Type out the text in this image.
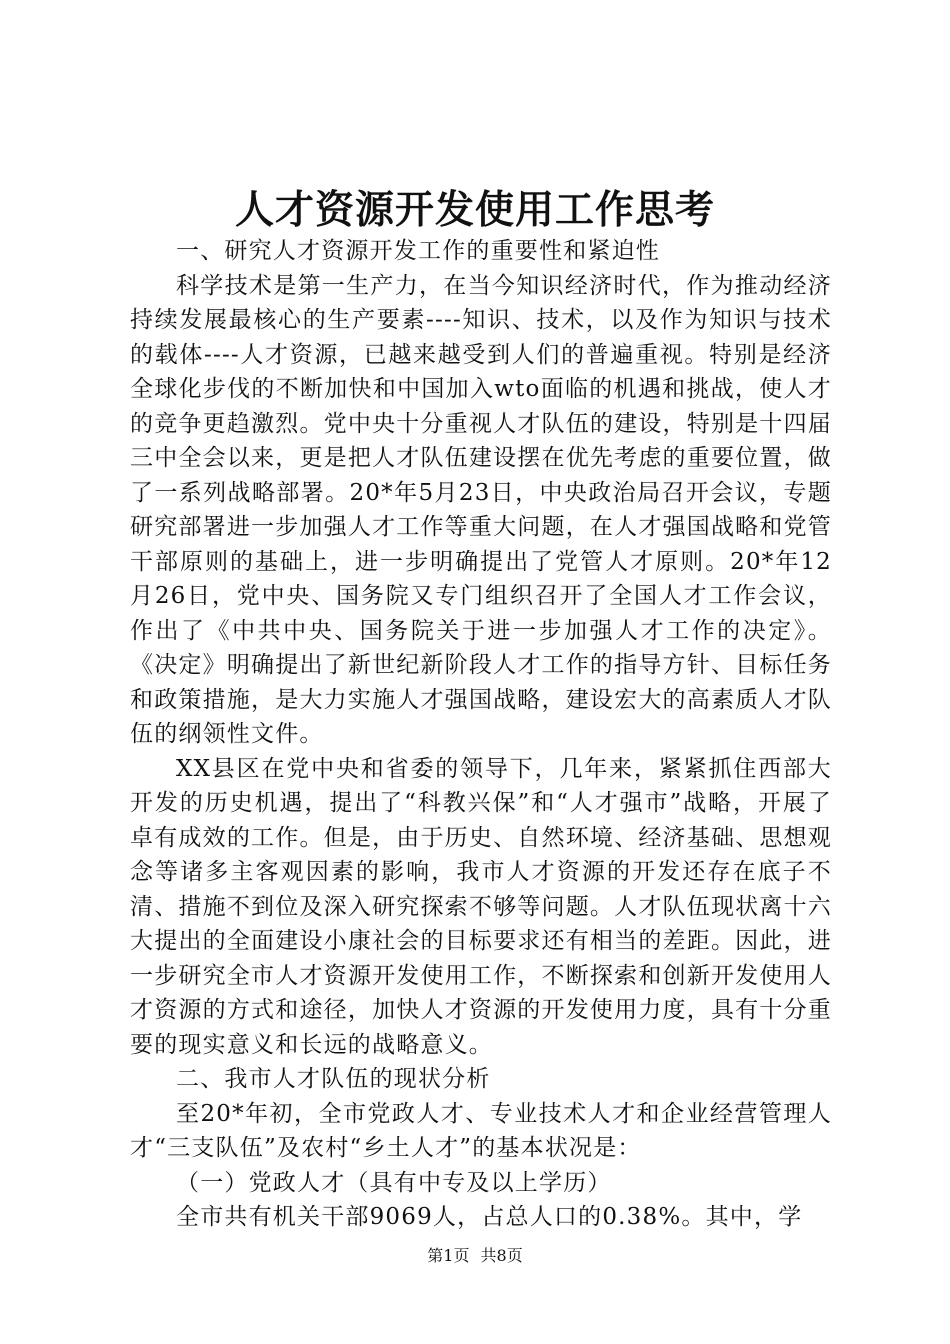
人才资源开发使用工作思考

一、研究人才资源开发工作的重要性和紧迫性

科学技术是第一生产力，在当今知识经济时代，作为推动经济持续发展最核心的生产要素----知识、技术，以及作为知识与技术的载体----人才资源，已越来越受到人们的普遍重视。特别是经济全球化步伐的不断加快和中国加入wto面临的机遇和挑战，使人才的竞争更趋激烈。党中央十分重视人才队伍的建设，特别是十四届三中全会以来，更是把人才队伍建设摆在优先考虑的重要位置，做了一系列战略部署。20*年5月23日，中央政治局召开会议，专题研究部署进一步加强人才工作等重大问题，在人才强国战略和党管干部原则的基础上，进一步明确提出了党管人才原则。20*年12月26日，党中央、国务院又专门组织召开了全国人才工作会议，作出了《中共中央、国务院关于进一步加强人才工作的决定》。《决定》明确提出了新世纪新阶段人才工作的指导方针、目标任务和政策措施，是大力实施人才强国战略，建设宏大的高素质人才队伍的纲领性文件。

XX县区在党中央和省委的领导下，几年来，紧紧抓住西部大开发的历史机遇，提出了“科教兴保”和“人才强市”战略，开展了卓有成效的工作。但是，由于历史、自然环境、经济基础、思想观念等诸多主客观因素的影响，我市人才资源的开发还存在底子不清、措施不到位及深入研究探索不够等问题。人才队伍现状离十六大提出的全面建设小康社会的目标要求还有相当的差距。因此，进一步研究全市人才资源开发使用工作，不断探索和创新开发使用人才资源的方式和途径，加快人才资源的开发使用力度，具有十分重要的现实意义和长远的战略意义。

二、我市人才队伍的现状分析

至20*年初，全市党政人才、专业技术人才和企业经营管理人才“三支队伍”及农村“乡土人才”的基本状况是：

（一）党政人才（具有中专及以上学历）

全市共有机关干部9069人，占总人口的0.38%。其中，学

第1页 共8页
